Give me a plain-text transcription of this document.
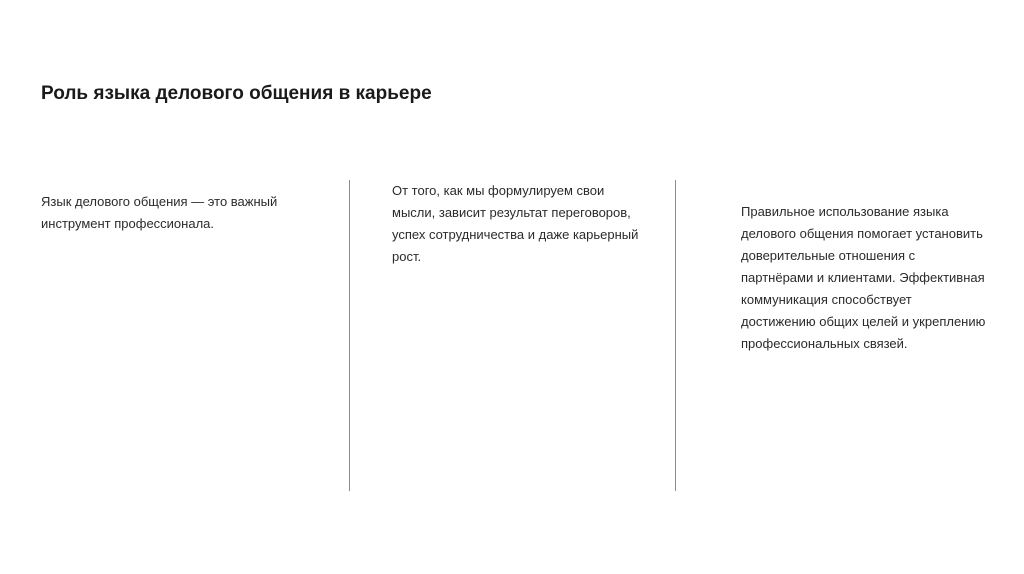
Роль языка делового общения в карьере
Язык делового общения — это важный
инструмент профессионала.
От того, как мы формулируем свои
мысли, зависит результат переговоров,
успех сотрудничества и даже карьерный
рост.
Правильное использование языка
делового общения помогает установить
доверительные отношения с
партнёрами и клиентами. Эффективная
коммуникация способствует
достижению общих целей и укреплению
профессиональных связей.
